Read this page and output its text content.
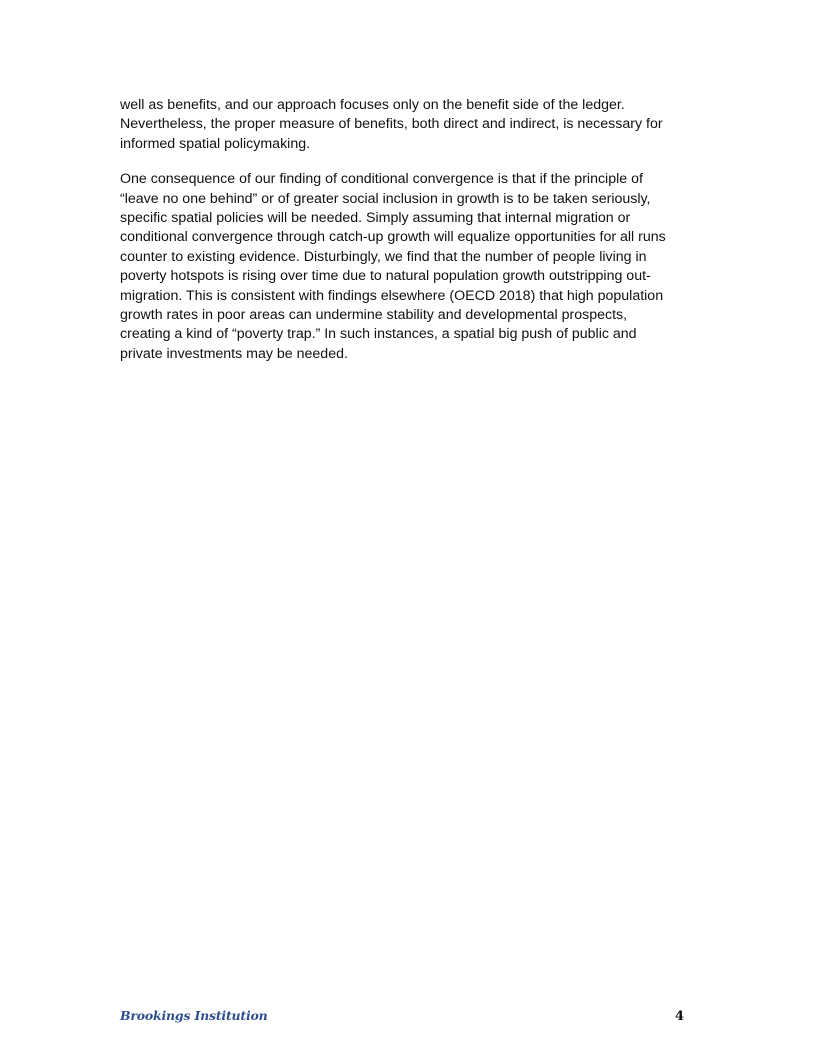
well as benefits, and our approach focuses only on the benefit side of the ledger.
Nevertheless, the proper measure of benefits, both direct and indirect, is necessary for
informed spatial policymaking.

One consequence of our finding of conditional convergence is that if the principle of
“leave no one behind” or of greater social inclusion in growth is to be taken seriously,
specific spatial policies will be needed. Simply assuming that internal migration or
conditional convergence through catch-up growth will equalize opportunities for all runs
counter to existing evidence. Disturbingly, we find that the number of people living in
poverty hotspots is rising over time due to natural population growth outstripping out-
migration. This is consistent with findings elsewhere (OECD 2018) that high population
growth rates in poor areas can undermine stability and developmental prospects,
creating a kind of “poverty trap.” In such instances, a spatial big push of public and
private investments may be needed.

Brookings Institution	4
